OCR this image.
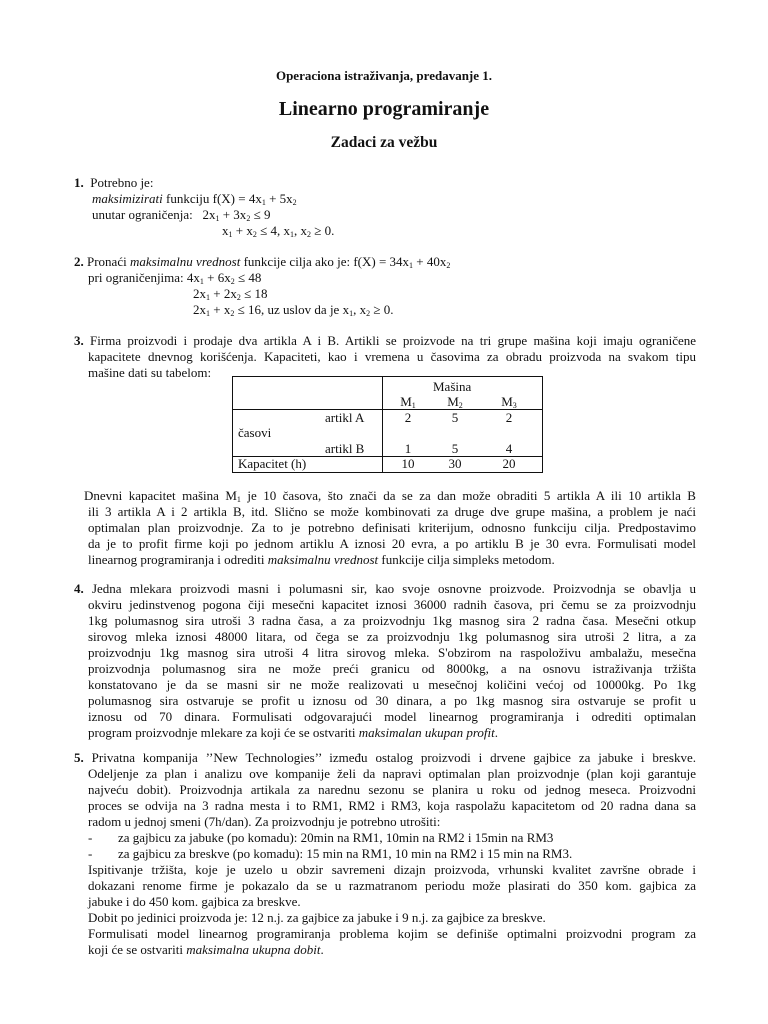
Operaciona istraživanja, predavanje 1.
Linearno programiranje
Zadaci za vežbu
1. Potrebno je:
maksimizirati funkciju $f(X) = 4x_1 + 5x_2$
unutar ograničenja: $2x_1 + 3x_2 \le 9$
$x_1 + x_2 \le 4$, $x_1$, $x_2 \ge 0$.
2. Pronaći maksimalnu vrednost funkcije cilja ako je: $f(X) = 34x_1 + 40x_2$
pri ograničenjima: $4x_1 + 6x_2 \le 48$
$2x_1 + 2x_2 \le 18$
$2x_1 + x_2 \le 16$, uz uslov da je $x_1$, $x_2 \ge 0$.
3. Firma proizvodi i prodaje dva artikla A i B. Artikli se proizvode na tri grupe mašina koji imaju ograničene
kapacitete dnevnog korišćenja. Kapaciteti, kao i vremena u časovima za obradu proizvoda na svakom tipu
mašine dati su tabelom:
Mašina
$M_1$	$M_2$	$M_3$
artikl A	2	5	2
časovi
artikl B	1	5	4
Kapacitet (h)	10	30	20
Dnevni kapacitet mašina $M_1$ je 10 časova, što znači da se za dan može obraditi 5 artikla A ili 10 artikla B
ili 3 artikla A i 2 artikla B, itd. Slično se može kombinovati za druge dve grupe mašina, a problem je naći
optimalan plan proizvodnje. Za to je potrebno definisati kriterijum, odnosno funkciju cilja. Predpostavimo
da je to profit firme koji po jednom artiklu A iznosi 20 evra, a po artiklu B je 30 evra. Formulisati model
linearnog programiranja i odrediti maksimalnu vrednost funkcije cilja simpleks metodom.
4. Jedna mlekara proizvodi masni i polumasni sir, kao svoje osnovne proizvode. Proizvodnja se obavlja u
okviru jedinstvenog pogona čiji mesečni kapacitet iznosi 36000 radnih časova, pri čemu se za proizvodnju
1kg polumasnog sira utroši 3 radna časa, a za proizvodnju 1kg masnog sira 2 radna časa. Mesečni otkup
sirovog mleka iznosi 48000 litara, od čega se za proizvodnju 1kg polumasnog sira utroši 2 litra, a za
proizvodnju 1kg masnog sira utroši 4 litra sirovog mleka. S'obzirom na raspoloživu ambalažu, mesečna
proizvodnja polumasnog sira ne može preći granicu od 8000kg, a na osnovu istraživanja tržišta
konstatovano je da se masni sir ne može realizovati u mesečnoj količini većoj od 10000kg. Po 1kg
polumasnog sira ostvaruje se profit u iznosu od 30 dinara, a po 1kg masnog sira ostvaruje se profit u
iznosu od 70 dinara. Formulisati odgovarajući model linearnog programiranja i odrediti optimalan
program proizvodnje mlekare za koji će se ostvariti maksimalan ukupan profit.
5. Privatna kompanija ’’New Technologies’’ između ostalog proizvodi i drvene gajbice za jabuke i breskve.
Odeljenje za plan i analizu ove kompanije želi da napravi optimalan plan proizvodnje (plan koji garantuje
najveću dobit). Proizvodnja artikala za narednu sezonu se planira u roku od jednog meseca. Proizvodni
proces se odvija na 3 radna mesta i to RM1, RM2 i RM3, koja raspolažu kapacitetom od 20 radna dana sa
radom u jednoj smeni (7h/dan). Za proizvodnju je potrebno utrošiti:
- za gajbicu za jabuke (po komadu): 20min na RM1, 10min na RM2 i 15min na RM3
- za gajbicu za breskve (po komadu): 15 min na RM1, 10 min na RM2 i 15 min na RM3.
Ispitivanje tržišta, koje je uzelo u obzir savremeni dizajn proizvoda, vrhunski kvalitet završne obrade i
dokazani renome firme je pokazalo da se u razmatranom periodu može plasirati do 350 kom. gajbica za
jabuke i do 450 kom. gajbica za breskve.
Dobit po jedinici proizvoda je: 12 n.j. za gajbice za jabuke i 9 n.j. za gajbice za breskve.
Formulisati model linearnog programiranja problema kojim se definiše optimalni proizvodni program za
koji će se ostvariti maksimalna ukupna dobit.
